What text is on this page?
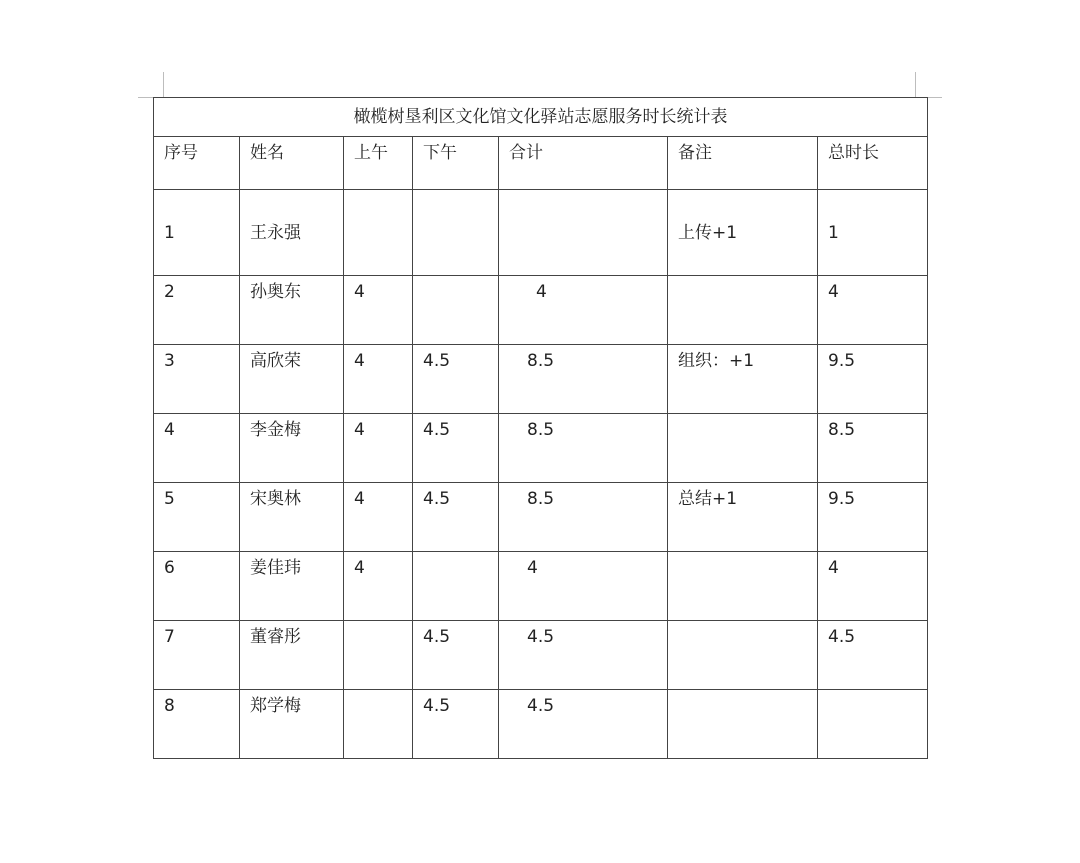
橄榄树垦利区文化馆文化驿站志愿服务时长统计表						
序号	姓名	上午	下午	合计	备注	总时长
1	王永强				上传+1	1
2	孙奥东	4		4		4
3	高欣荣	4	4.5	8.5	组织：+1	9.5
4	李金梅	4	4.5	8.5		8.5
5	宋奥林	4	4.5	8.5	总结+1	9.5
6	姜佳玮	4		4		4
7	董睿彤		4.5	4.5		4.5
8	郑学梅		4.5	4.5		
